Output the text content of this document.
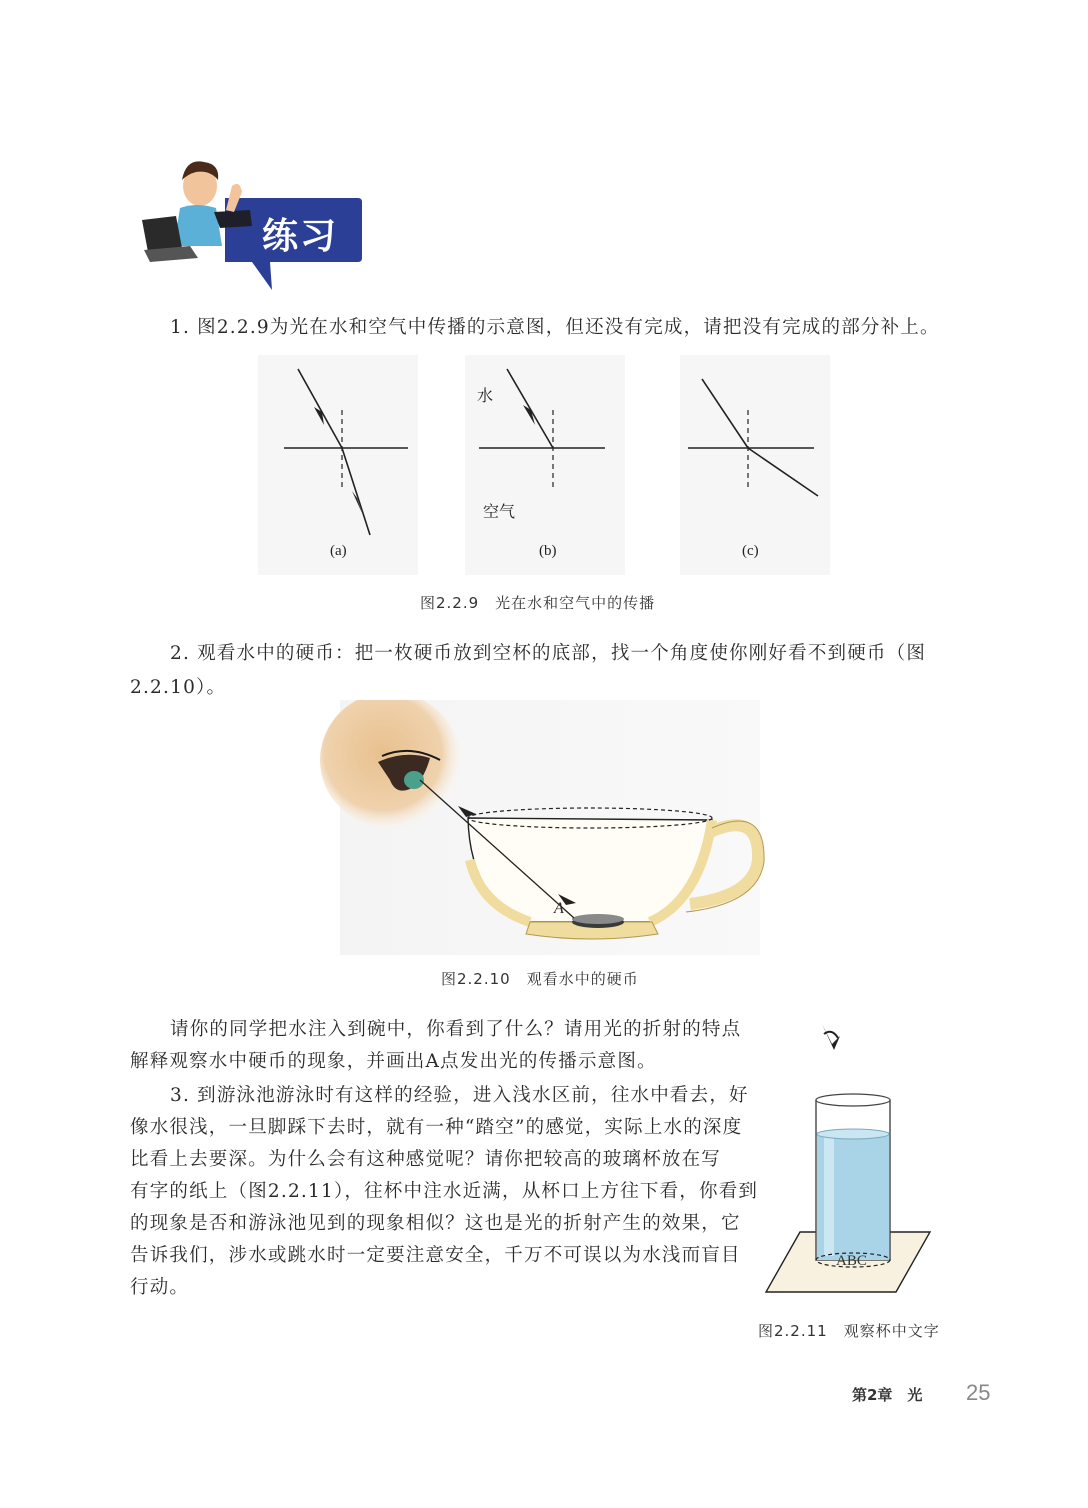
练习
1. 图2.2.9为光在水和空气中传播的示意图，但还没有完成，请把没有完成的部分补上。
(a)
水
空气
(b)	(c)
图2.2.9　光在水和空气中的传播
2. 观看水中的硬币：把一枚硬币放到空杯的底部，找一个角度使你刚好看不到硬币（图
2.2.10）。
A
图2.2.10　观看水中的硬币
请你的同学把水注入到碗中，你看到了什么？请用光的折射的特点
解释观察水中硬币的现象，并画出A点发出光的传播示意图。
3. 到游泳池游泳时有这样的经验，进入浅水区前，往水中看去，好
像水很浅，一旦脚踩下去时，就有一种“踏空”的感觉，实际上水的深度
比看上去要深。为什么会有这种感觉呢？请你把较高的玻璃杯放在写
有字的纸上（图2.2.11），往杯中注水近满，从杯口上方往下看，你看到
的现象是否和游泳池见到的现象相似？这也是光的折射产生的效果，它
告诉我们，涉水或跳水时一定要注意安全，千万不可误以为水浅而盲目
行动。
ABC
图2.2.11　观察杯中文字
第2章　光 25
